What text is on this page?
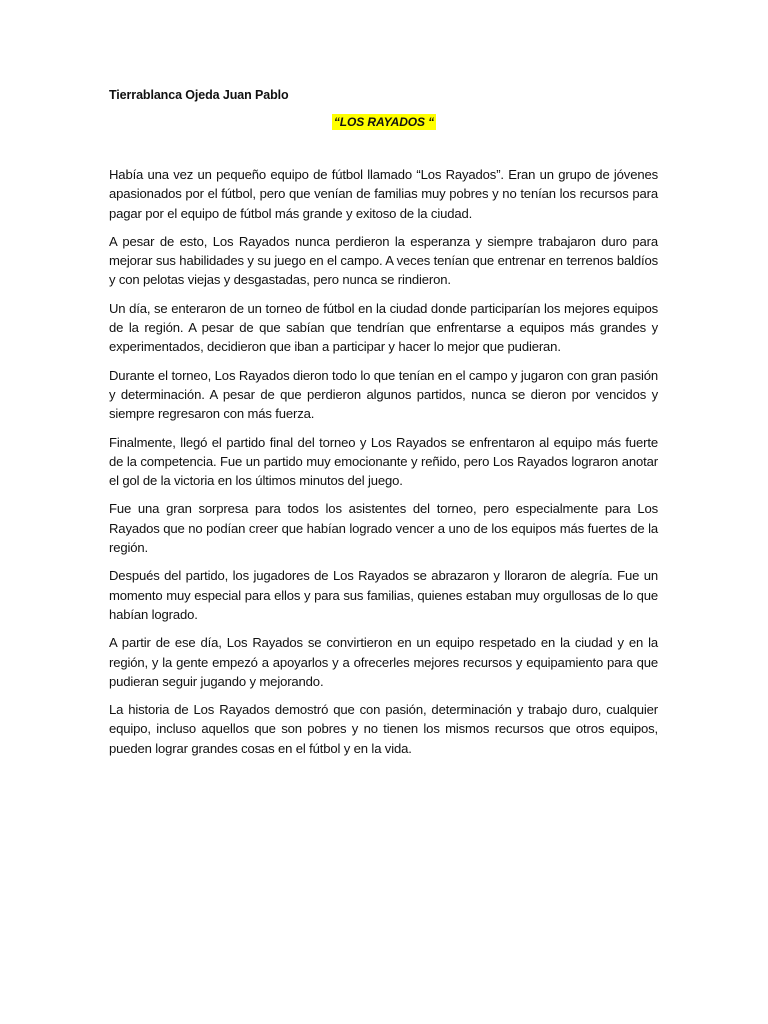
Tierrablanca Ojeda Juan Pablo
“LOS RAYADOS “

Había una vez un pequeño equipo de fútbol llamado “Los Rayados”. Eran un grupo de jóvenes apasionados por el fútbol, pero que venían de familias muy pobres y no tenían los recursos para pagar por el equipo de fútbol más grande y exitoso de la ciudad.

A pesar de esto, Los Rayados nunca perdieron la esperanza y siempre trabajaron duro para mejorar sus habilidades y su juego en el campo. A veces tenían que entrenar en terrenos baldíos y con pelotas viejas y desgastadas, pero nunca se rindieron.

Un día, se enteraron de un torneo de fútbol en la ciudad donde participarían los mejores equipos de la región. A pesar de que sabían que tendrían que enfrentarse a equipos más grandes y experimentados, decidieron que iban a participar y hacer lo mejor que pudieran.

Durante el torneo, Los Rayados dieron todo lo que tenían en el campo y jugaron con gran pasión y determinación. A pesar de que perdieron algunos partidos, nunca se dieron por vencidos y siempre regresaron con más fuerza.

Finalmente, llegó el partido final del torneo y Los Rayados se enfrentaron al equipo más fuerte de la competencia. Fue un partido muy emocionante y reñido, pero Los Rayados lograron anotar el gol de la victoria en los últimos minutos del juego.

Fue una gran sorpresa para todos los asistentes del torneo, pero especialmente para Los Rayados que no podían creer que habían logrado vencer a uno de los equipos más fuertes de la región.

Después del partido, los jugadores de Los Rayados se abrazaron y lloraron de alegría. Fue un momento muy especial para ellos y para sus familias, quienes estaban muy orgullosas de lo que habían logrado.

A partir de ese día, Los Rayados se convirtieron en un equipo respetado en la ciudad y en la región, y la gente empezó a apoyarlos y a ofrecerles mejores recursos y equipamiento para que pudieran seguir jugando y mejorando.

La historia de Los Rayados demostró que con pasión, determinación y trabajo duro, cualquier equipo, incluso aquellos que son pobres y no tienen los mismos recursos que otros equipos, pueden lograr grandes cosas en el fútbol y en la vida.
